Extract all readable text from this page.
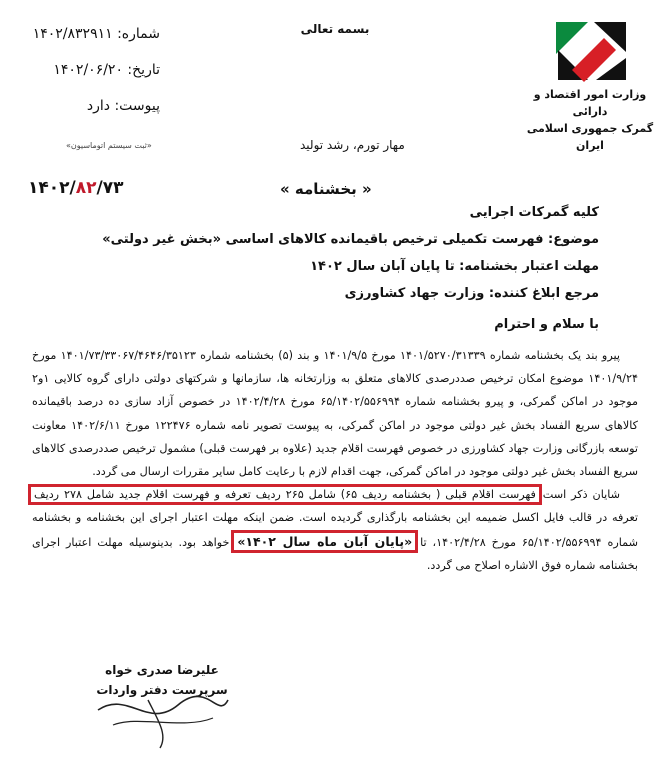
وزارت امور اقتصاد و دارائی
گمرک جمهوری اسلامی ایران
بسمه تعالی
شماره: ۱۴۰۲/۸۳۲۹۱۱
تاریخ: ۱۴۰۲/۰۶/۲۰
پیوست: دارد
«ثبت سیستم اتوماسیون»	مهار تورم، رشد تولید
۱۴۰۲/۸۲/۷۳	« بخشنامه »
کلیه گمرکات اجرایی
موضوع: فهرست تکمیلی ترخیص باقیمانده کالاهای اساسی «بخش غیر دولتی»
مهلت اعتبار بخشنامه: تا پایان آبان سال ۱۴۰۲
مرجع ابلاغ کننده: وزارت جهاد کشاورزی
با سلام و احترام

پیرو بند یک بخشنامه شماره ۱۴۰۱/۵۲۷۰/۳۱۳۳۹ مورخ ۱۴۰۱/۹/۵ و بند (۵) بخشنامه شماره ۱۴۰۱/۷۳/۳۳۰۶۷/۴۶۴۶/۳۵۱۲۳ مورخ ۱۴۰۱/۹/۲۴ موضوع امکان ترخیص صددرصدی کالاهای متعلق به وزارتخانه ها، سازمانها و شرکتهای دولتی دارای گروه کالایی ۱و۲ موجود در اماکن گمرکی، و پیرو بخشنامه شماره ۶۵/۱۴۰۲/۵۵۶۹۹۴ مورخ ۱۴۰۲/۴/۲۸ در خصوص آزاد سازی ده درصد باقیمانده کالاهای سریع الفساد بخش غیر دولتی موجود در اماکن گمرکی، به پیوست تصویر نامه شماره ۱۲۲۴۷۶ مورخ ۱۴۰۲/۶/۱۱ معاونت توسعه بازرگانی وزارت جهاد کشاورزی در خصوص فهرست اقلام جدید (علاوه بر فهرست قبلی) مشمول ترخیص صددرصدی کالاهای سریع الفساد بخش غیر دولتی موجود در اماکن گمرکی، جهت اقدام لازم با رعایت کامل سایر مقررات ارسال می گردد.

شایان ذکر است فهرست اقلام قبلی ( بخشنامه ردیف ۶۵) شامل ۲۶۵ ردیف تعرفه و فهرست اقلام جدید شامل ۲۷۸ ردیف تعرفه در قالب فایل اکسل ضمیمه این بخشنامه بارگذاری گردیده است. ضمن اینکه مهلت اعتبار اجرای این بخشنامه و بخشنامه شماره ۶۵/۱۴۰۲/۵۵۶۹۹۴ مورخ ۱۴۰۲/۴/۲۸، تا «پایان آبان ماه سال ۱۴۰۲» خواهد بود. بدینوسیله مهلت اعتبار اجرای بخشنامه شماره فوق الاشاره اصلاح می گردد.

علیرضا صدری خواه
سرپرست دفتر واردات
